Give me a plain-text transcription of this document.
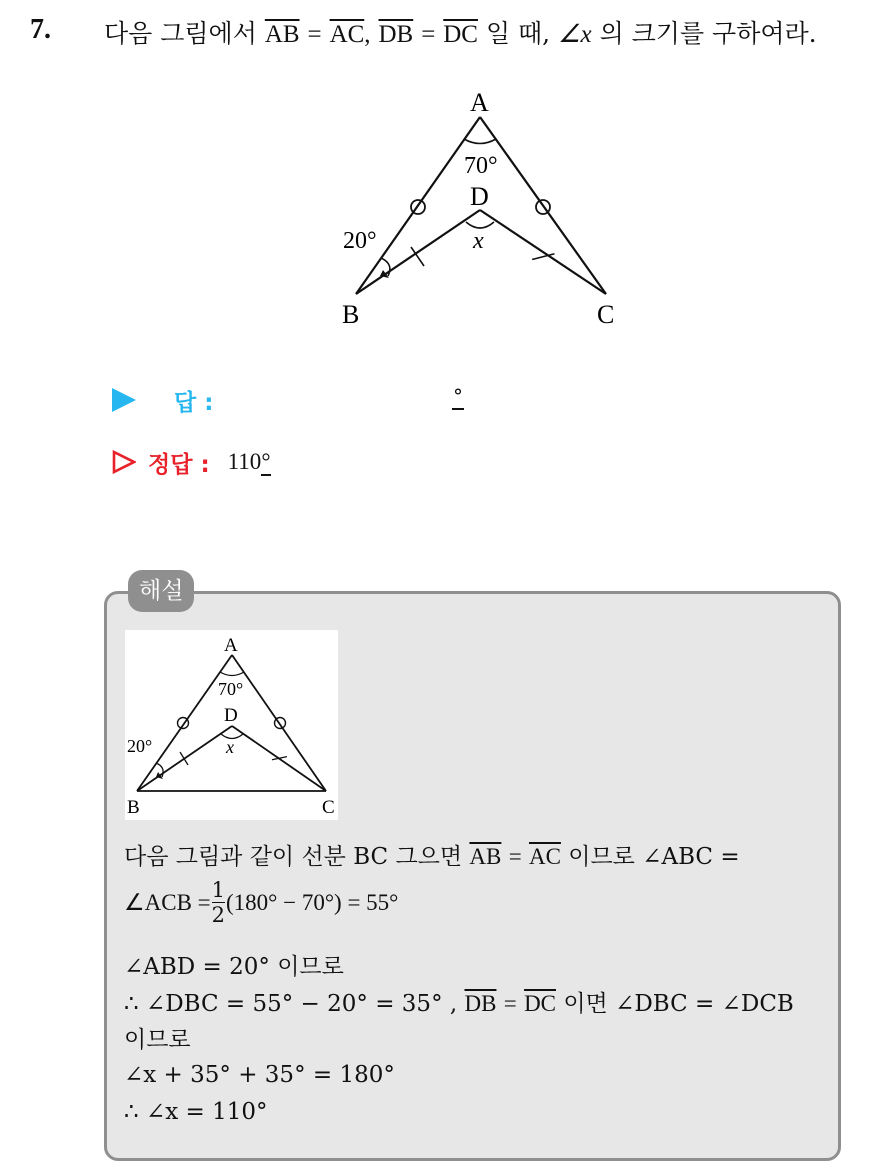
7. 다음 그림에서 $\overline{AB} = \overline{AC}$, $\overline{DB} = \overline{DC}$ 일 때, ∠x 의 크기를 구하여라.
A
B	C
D
70°
20°	x
답 :	°
정답 : 110°
해설
A
B	C
D
70°
20°	x
다음 그림과 같이 선분 BC 그으면 $\overline{AB} = \overline{AC}$ 이므로 ∠ABC =
∠ACB = $\frac{1}{2} (180^\circ - 70^\circ) = 55^\circ$
∠ABD = 20° 이므로
∴ ∠DBC = 55° − 20° = 35° , $\overline{DB} = \overline{DC}$ 이면 ∠DBC = ∠DCB
이므로
∠x + 35° + 35° = 180°
∴ ∠x = 110°
